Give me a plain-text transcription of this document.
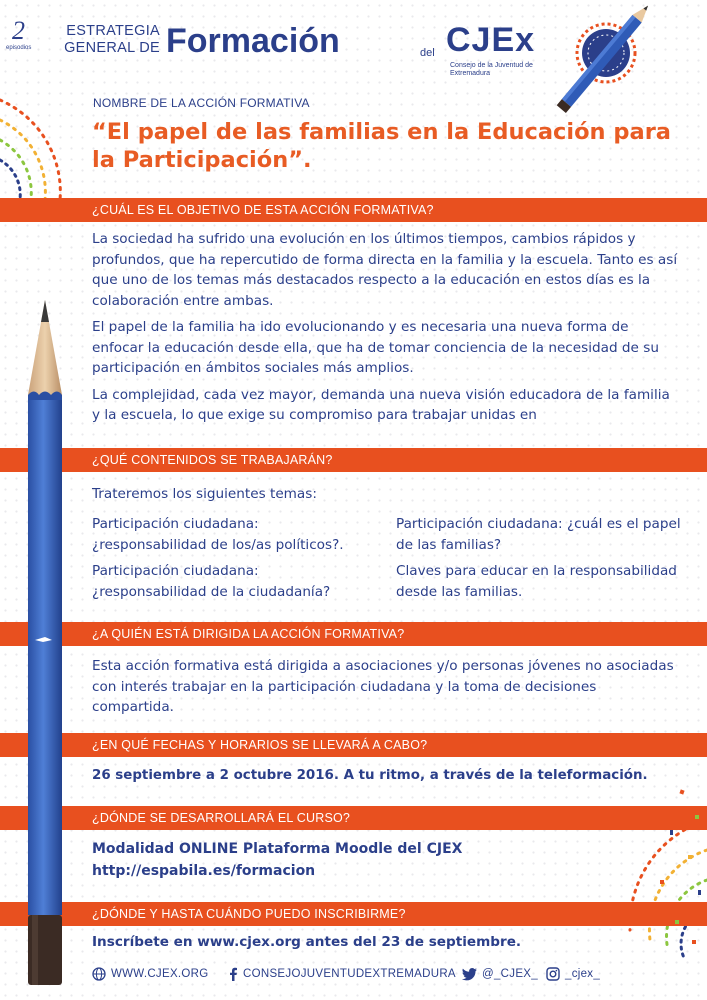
2
episodios
ESTRATEGIA
GENERAL DE Formación	del CJEx
Consejo de la Juventud de Extremadura
NOMBRE DE LA ACCIÓN FORMATIVA
“El papel de las familias en la Educación para la Participación”.
¿CUÁL ES EL OBJETIVO DE ESTA ACCIÓN FORMATIVA?

La sociedad ha sufrido una evolución en los últimos tiempos, cambios rápidos y profundos, que ha repercutido de forma directa en la familia y la escuela. Tanto es así que uno de los temas más destacados respecto a la educación en estos días es la colaboración entre ambas.

El papel de la familia ha ido evolucionando y es necesaria una nueva forma de enfocar la educación desde ella, que ha de tomar conciencia de la necesidad de su participación en ámbitos sociales más amplios.

La complejidad, cada vez mayor, demanda una nueva visión educadora de la familia y la escuela, lo que exige su compromiso para trabajar unidas en

¿QUÉ CONTENIDOS SE TRABAJARÁN?
Trateremos los siguientes temas:
Participación ciudadana: ¿responsabilidad de los/as políticos?.
Participación ciudadana: ¿responsabilidad de la ciudadanía?
Participación ciudadana: ¿cuál es el papel de las familias?
Claves para educar en la responsabilidad desde las familias.
¿A QUIÉN ESTÁ DIRIGIDA LA ACCIÓN FORMATIVA?
Esta acción formativa está dirigida a asociaciones y/o personas jóvenes no asociadas con interés trabajar en la participación ciudadana y la toma de decisiones compartida.
¿EN QUÉ FECHAS Y HORARIOS SE LLEVARÁ A CABO?
26 septiembre a 2 octubre 2016. A tu ritmo, a través de la teleformación.
¿DÓNDE SE DESARROLLARÁ EL CURSO?
Modalidad ONLINE Plataforma Moodle del CJEX
http://espabila.es/formacion
¿DÓNDE Y HASTA CUÁNDO PUEDO INSCRIBIRME?
Inscríbete en www.cjex.org antes del 23 de septiembre.
WWW.CJEX.ORG	CONSEJOJUVENTUDEXTREMADURA @_CJEX_ _cjex_
